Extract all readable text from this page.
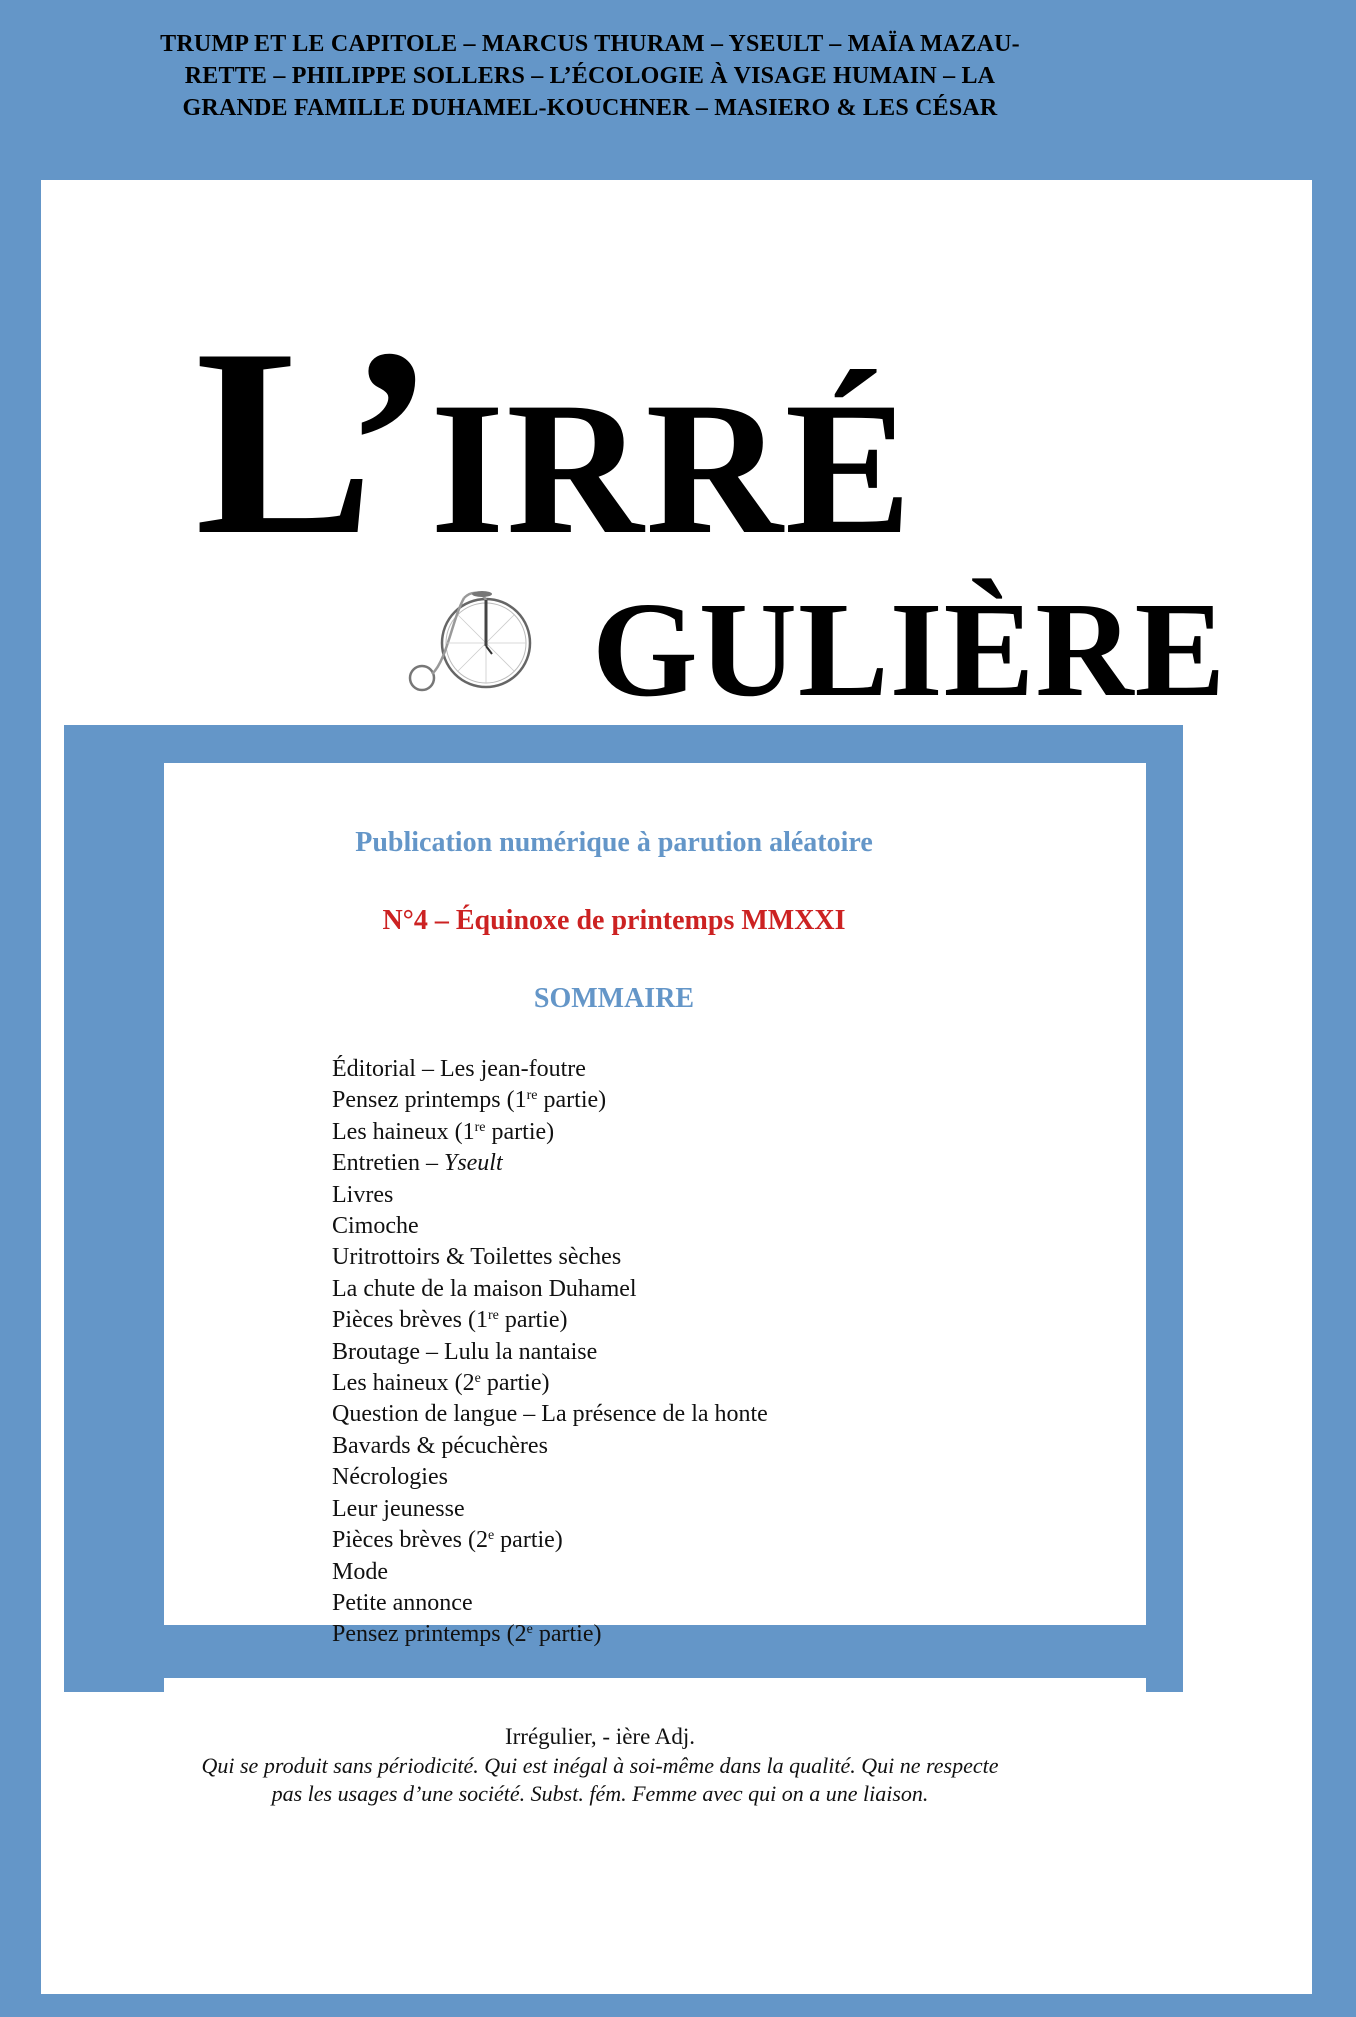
TRUMP ET LE CAPITOLE – MARCUS THURAM – YSEULT – MAÏA MAZAU-
RETTE – PHILIPPE SOLLERS – L’ÉCOLOGIE À VISAGE HUMAIN – LA
GRANDE FAMILLE DUHAMEL-KOUCHNER – MASIERO & LES CÉSAR
L’IRRÉ
GULIÈRE
Publication numérique à parution aléatoire
N°4 – Équinoxe de printemps MMXXI
SOMMAIRE
Éditorial – Les jean-foutre
Pensez printemps (1re partie)
Les haineux (1re partie)
Entretien – Yseult
Livres
Cimoche
Uritrottoirs & Toilettes sèches
La chute de la maison Duhamel
Pièces brèves (1re partie)
Broutage – Lulu la nantaise
Les haineux (2e partie)
Question de langue – La présence de la honte
Bavards & pécuchères
Nécrologies
Leur jeunesse
Pièces brèves (2e partie)
Mode
Petite annonce
Pensez printemps (2e partie)
Irrégulier, - ière Adj.
Qui se produit sans périodicité. Qui est inégal à soi-même dans la qualité. Qui ne respecte
pas les usages d’une société. Subst. fém. Femme avec qui on a une liaison.
